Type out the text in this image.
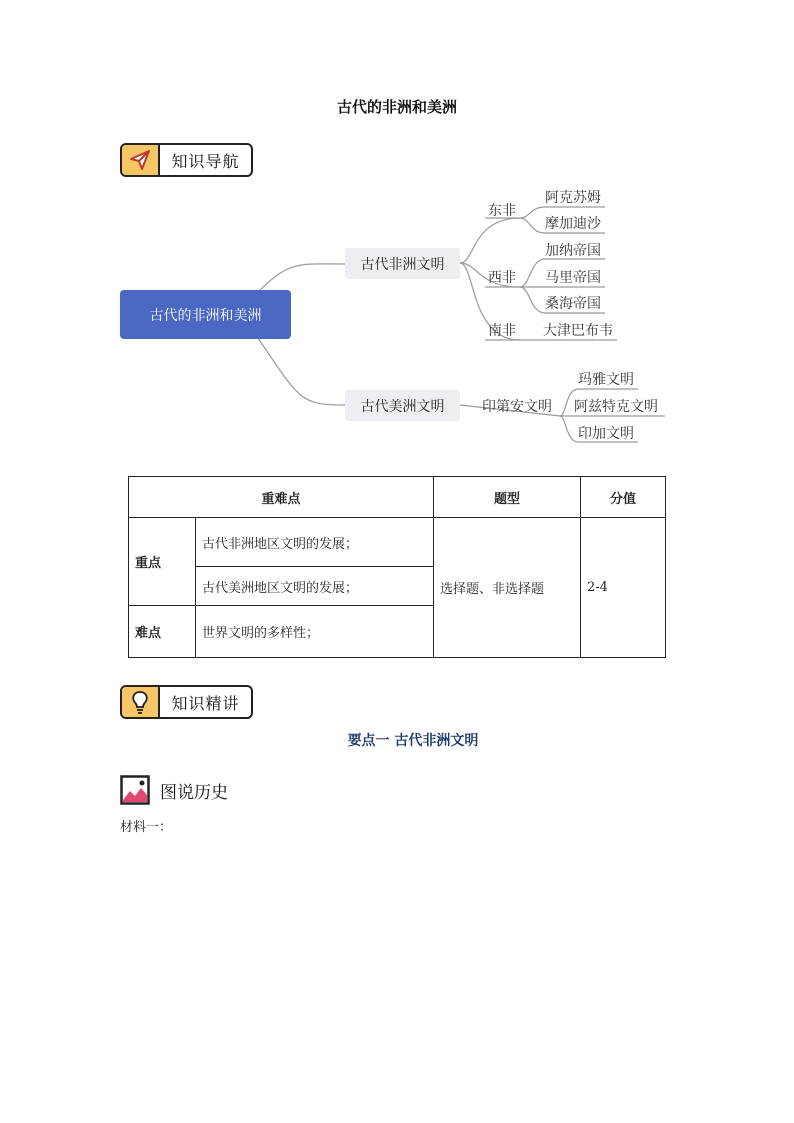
古代的非洲和美洲
知识导航
古代的非洲和美洲
古代非洲文明
古代美洲文明
东非
西非
南非
阿克苏姆
摩加迪沙
加纳帝国
马里帝国
桑海帝国
大津巴布韦
印第安文明
玛雅文明
阿兹特克文明
印加文明
重难点		题型	分值
重点	古代非洲地区文明的发展；	选择题、非选择题	2-4
	古代美洲地区文明的发展；		
难点	世界文明的多样性；		
知识精讲
要点一 古代非洲文明
图说历史
材料一：
